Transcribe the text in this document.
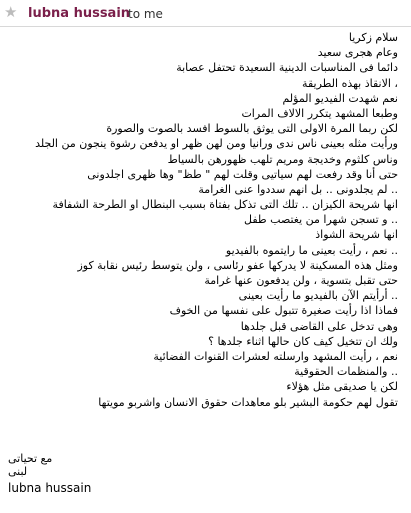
★ lubna hussain
to me
سلام زكريا
وعام هجرى سعيد
دائما فى المناسبات الدينية السعيدة تحتفل عصابة
، الانقاذ بهذه الطريقة
نعم شهدت الفيديو المؤلم
وطبعا المشهد يتكرر الالاف المرات
لكن ربما المرة الاولى التى يوثق بالسوط افسد بالصوت والصورة
ورأيت مثله بعينى ناس ندى ورانيا ومن لهن ظهر او يدفعن رشوة ينجون من الجلد
وناس كلثوم وخديجة ومريم تلهب ظهورهن بالسياط
حتى أنا وقد رفعت لهم سياتيى وقلت لهم " طظ" وها ظهرى اجلدونى
.. لم يجلدونى .. بل انهم سددوا عنى الغرامة
انها شريحة الكيزان .. تلك التى تذكل بفتاة بسبب البنطال او الطرحة الشفافة
.. و تسجن شهرا من يغتصب طفل
انها شريحة الشواذ
.. نعم ، رأيت بعينى ما رايتموه بالفيديو
ومثل هذه المسكينة لا يدركها عفو رئاسى ، ولن يتوسط رئيس نقابة كوز
حتى تقبل بتسوية ، ولن يدفعون عنها غرامة
.. أرأيتم الآن بالفيديو ما رأيت بعينى
فماذا اذا رأيت صغيرة تتبول على نفسها من الخوف
وهى تدخل على القاضى قبل جلدها
ولك ان تتخيل كيف كان حالها اثناء جلدها ؟
نعم ، رأيت المشهد وارسلته لعشرات القنوات الفضائية
.. والمنظمات الحقوقية
لكن يا صديقى مثل هؤلاء
تقول لهم حكومة البشير بلو معاهدات حقوق الانسان واشربو مويتها
مع تحياتى
لبنى
lubna hussain
